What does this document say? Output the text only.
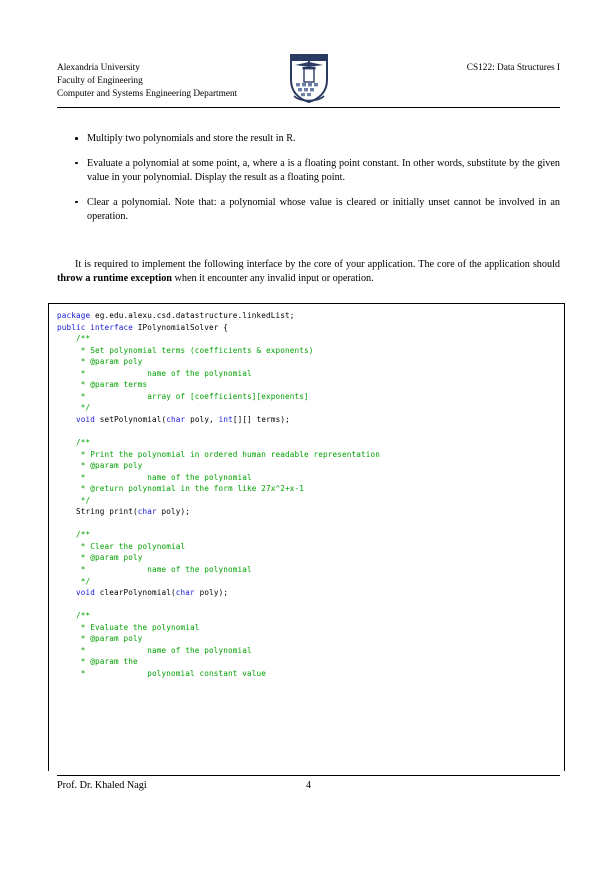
Alexandria University
Faculty of Engineering
Computer and Systems Engineering Department
CS122: Data Structures I
Multiply two polynomials and store the result in R.
Evaluate a polynomial at some point, a, where a is a floating point constant. In other words, substitute by the given value in your polynomial. Display the result as a floating point.
Clear a polynomial. Note that: a polynomial whose value is cleared or initially unset cannot be involved in an operation.

It is required to implement the following interface by the core of your application. The core of the application should throw a runtime exception when it encounter any invalid input or operation.

package eg.edu.alexu.csd.datastructure.linkedList;
public interface IPolynomialSolver {
/**
* Set polynomial terms (coefficients & exponents)
* @param poly
*             name of the polynomial
* @param terms
*             array of [coefficients][exponents]
*/
void setPolynomial(char poly, int[][] terms);

/**
* Print the polynomial in ordered human readable representation
* @param poly
*             name of the polynomial
* @return polynomial in the form like 27x^2+x-1
*/
String print(char poly);

/**
* Clear the polynomial
* @param poly
*             name of the polynomial
*/
void clearPolynomial(char poly);

/**
* Evaluate the polynomial
* @param poly
*             name of the polynomial
* @param the
*             polynomial constant value
Prof. Dr. Khaled Nagi	4
